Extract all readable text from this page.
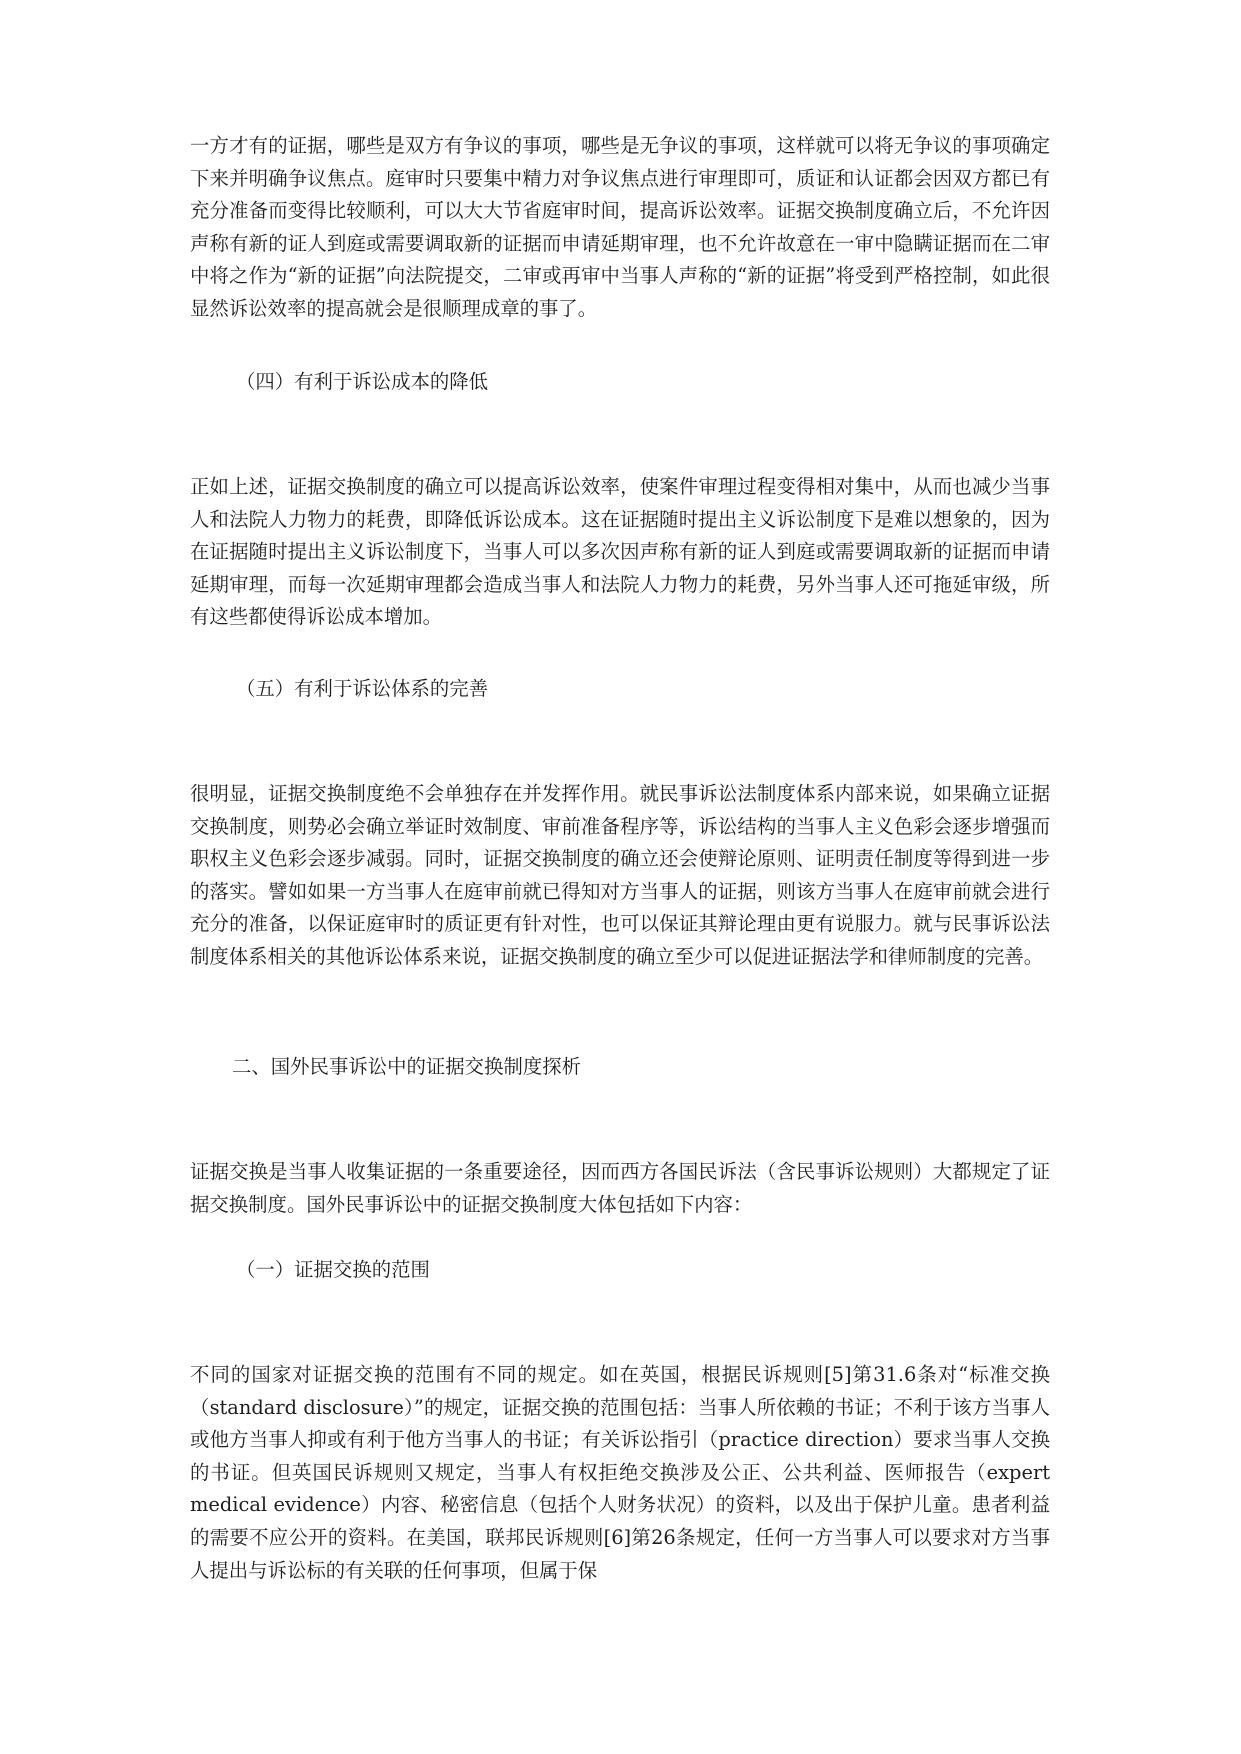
一方才有的证据，哪些是双方有争议的事项，哪些是无争议的事项，这样就可以将无争议的事项确定下来并明确争议焦点。庭审时只要集中精力对争议焦点进行审理即可，质证和认证都会因双方都已有充分准备而变得比较顺利，可以大大节省庭审时间，提高诉讼效率。证据交换制度确立后，不允许因声称有新的证人到庭或需要调取新的证据而申请延期审理，也不允许故意在一审中隐瞒证据而在二审中将之作为“新的证据”向法院提交，二审或再审中当事人声称的“新的证据”将受到严格控制，如此很显然诉讼效率的提高就会是很顺理成章的事了。

（四）有利于诉讼成本的降低

正如上述，证据交换制度的确立可以提高诉讼效率，使案件审理过程变得相对集中，从而也减少当事人和法院人力物力的耗费，即降低诉讼成本。这在证据随时提出主义诉讼制度下是难以想象的，因为在证据随时提出主义诉讼制度下，当事人可以多次因声称有新的证人到庭或需要调取新的证据而申请延期审理，而每一次延期审理都会造成当事人和法院人力物力的耗费，另外当事人还可拖延审级，所有这些都使得诉讼成本增加。

（五）有利于诉讼体系的完善

很明显，证据交换制度绝不会单独存在并发挥作用。就民事诉讼法制度体系内部来说，如果确立证据交换制度，则势必会确立举证时效制度、审前准备程序等，诉讼结构的当事人主义色彩会逐步增强而职权主义色彩会逐步减弱。同时，证据交换制度的确立还会使辩论原则、证明责任制度等得到进一步的落实。譬如如果一方当事人在庭审前就已得知对方当事人的证据，则该方当事人在庭审前就会进行充分的准备，以保证庭审时的质证更有针对性，也可以保证其辩论理由更有说服力。就与民事诉讼法制度体系相关的其他诉讼体系来说，证据交换制度的确立至少可以促进证据法学和律师制度的完善。

二、国外民事诉讼中的证据交换制度探析

证据交换是当事人收集证据的一条重要途径，因而西方各国民诉法（含民事诉讼规则）大都规定了证据交换制度。国外民事诉讼中的证据交换制度大体包括如下内容：

（一）证据交换的范围

不同的国家对证据交换的范围有不同的规定。如在英国，根据民诉规则[5]第31.6条对“标准交换（standard disclosure）”的规定，证据交换的范围包括：当事人所依赖的书证；不利于该方当事人或他方当事人抑或有利于他方当事人的书证；有关诉讼指引（practice direction）要求当事人交换的书证。但英国民诉规则又规定，当事人有权拒绝交换涉及公正、公共利益、医师报告（expert medical evidence）内容、秘密信息（包括个人财务状况）的资料，以及出于保护儿童。患者利益的需要不应公开的资料。在美国，联邦民诉规则[6]第26条规定，任何一方当事人可以要求对方当事人提出与诉讼标的有关联的任何事项，但属于保
